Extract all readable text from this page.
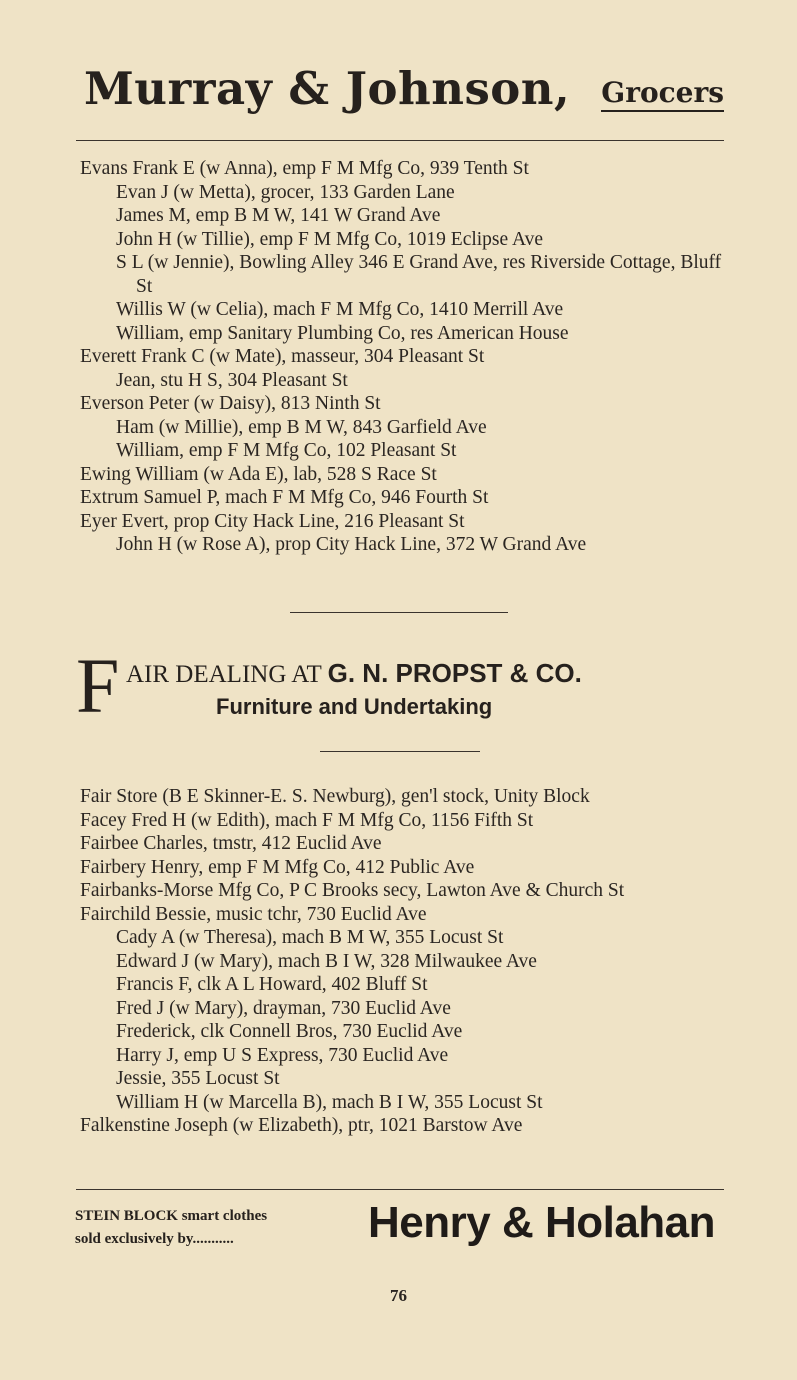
Murray & Johnson, Grocers
Evans Frank E (w Anna), emp F M Mfg Co, 939 Tenth St
Evan J (w Metta), grocer, 133 Garden Lane
James M, emp B M W, 141 W Grand Ave
John H (w Tillie), emp F M Mfg Co, 1019 Eclipse Ave
S L (w Jennie), Bowling Alley 346 E Grand Ave, res Riverside Cottage, Bluff St
Willis W (w Celia), mach F M Mfg Co, 1410 Merrill Ave
William, emp Sanitary Plumbing Co, res American House
Everett Frank C (w Mate), masseur, 304 Pleasant St
Jean, stu H S, 304 Pleasant St
Everson Peter (w Daisy), 813 Ninth St
Ham (w Millie), emp B M W, 843 Garfield Ave
William, emp F M Mfg Co, 102 Pleasant St
Ewing William (w Ada E), lab, 528 S Race St
Extrum Samuel P, mach F M Mfg Co, 946 Fourth St
Eyer Evert, prop City Hack Line, 216 Pleasant St
John H (w Rose A), prop City Hack Line, 372 W Grand Ave
F AIR DEALING AT G. N. PROPST & CO.
Furniture and Undertaking
Fair Store (B E Skinner-E. S. Newburg), gen'l stock, Unity Block
Facey Fred H (w Edith), mach F M Mfg Co, 1156 Fifth St
Fairbee Charles, tmstr, 412 Euclid Ave
Fairbery Henry, emp F M Mfg Co, 412 Public Ave
Fairbanks-Morse Mfg Co, P C Brooks secy, Lawton Ave & Church St
Fairchild Bessie, music tchr, 730 Euclid Ave
Cady A (w Theresa), mach B M W, 355 Locust St
Edward J (w Mary), mach B I W, 328 Milwaukee Ave
Francis F, clk A L Howard, 402 Bluff St
Fred J (w Mary), drayman, 730 Euclid Ave
Frederick, clk Connell Bros, 730 Euclid Ave
Harry J, emp U S Express, 730 Euclid Ave
Jessie, 355 Locust St
William H (w Marcella B), mach B I W, 355 Locust St
Falkenstine Joseph (w Elizabeth), ptr, 1021 Barstow Ave
STEIN BLOCK smart clothes
sold exclusively by...........	Henry & Holahan
76
